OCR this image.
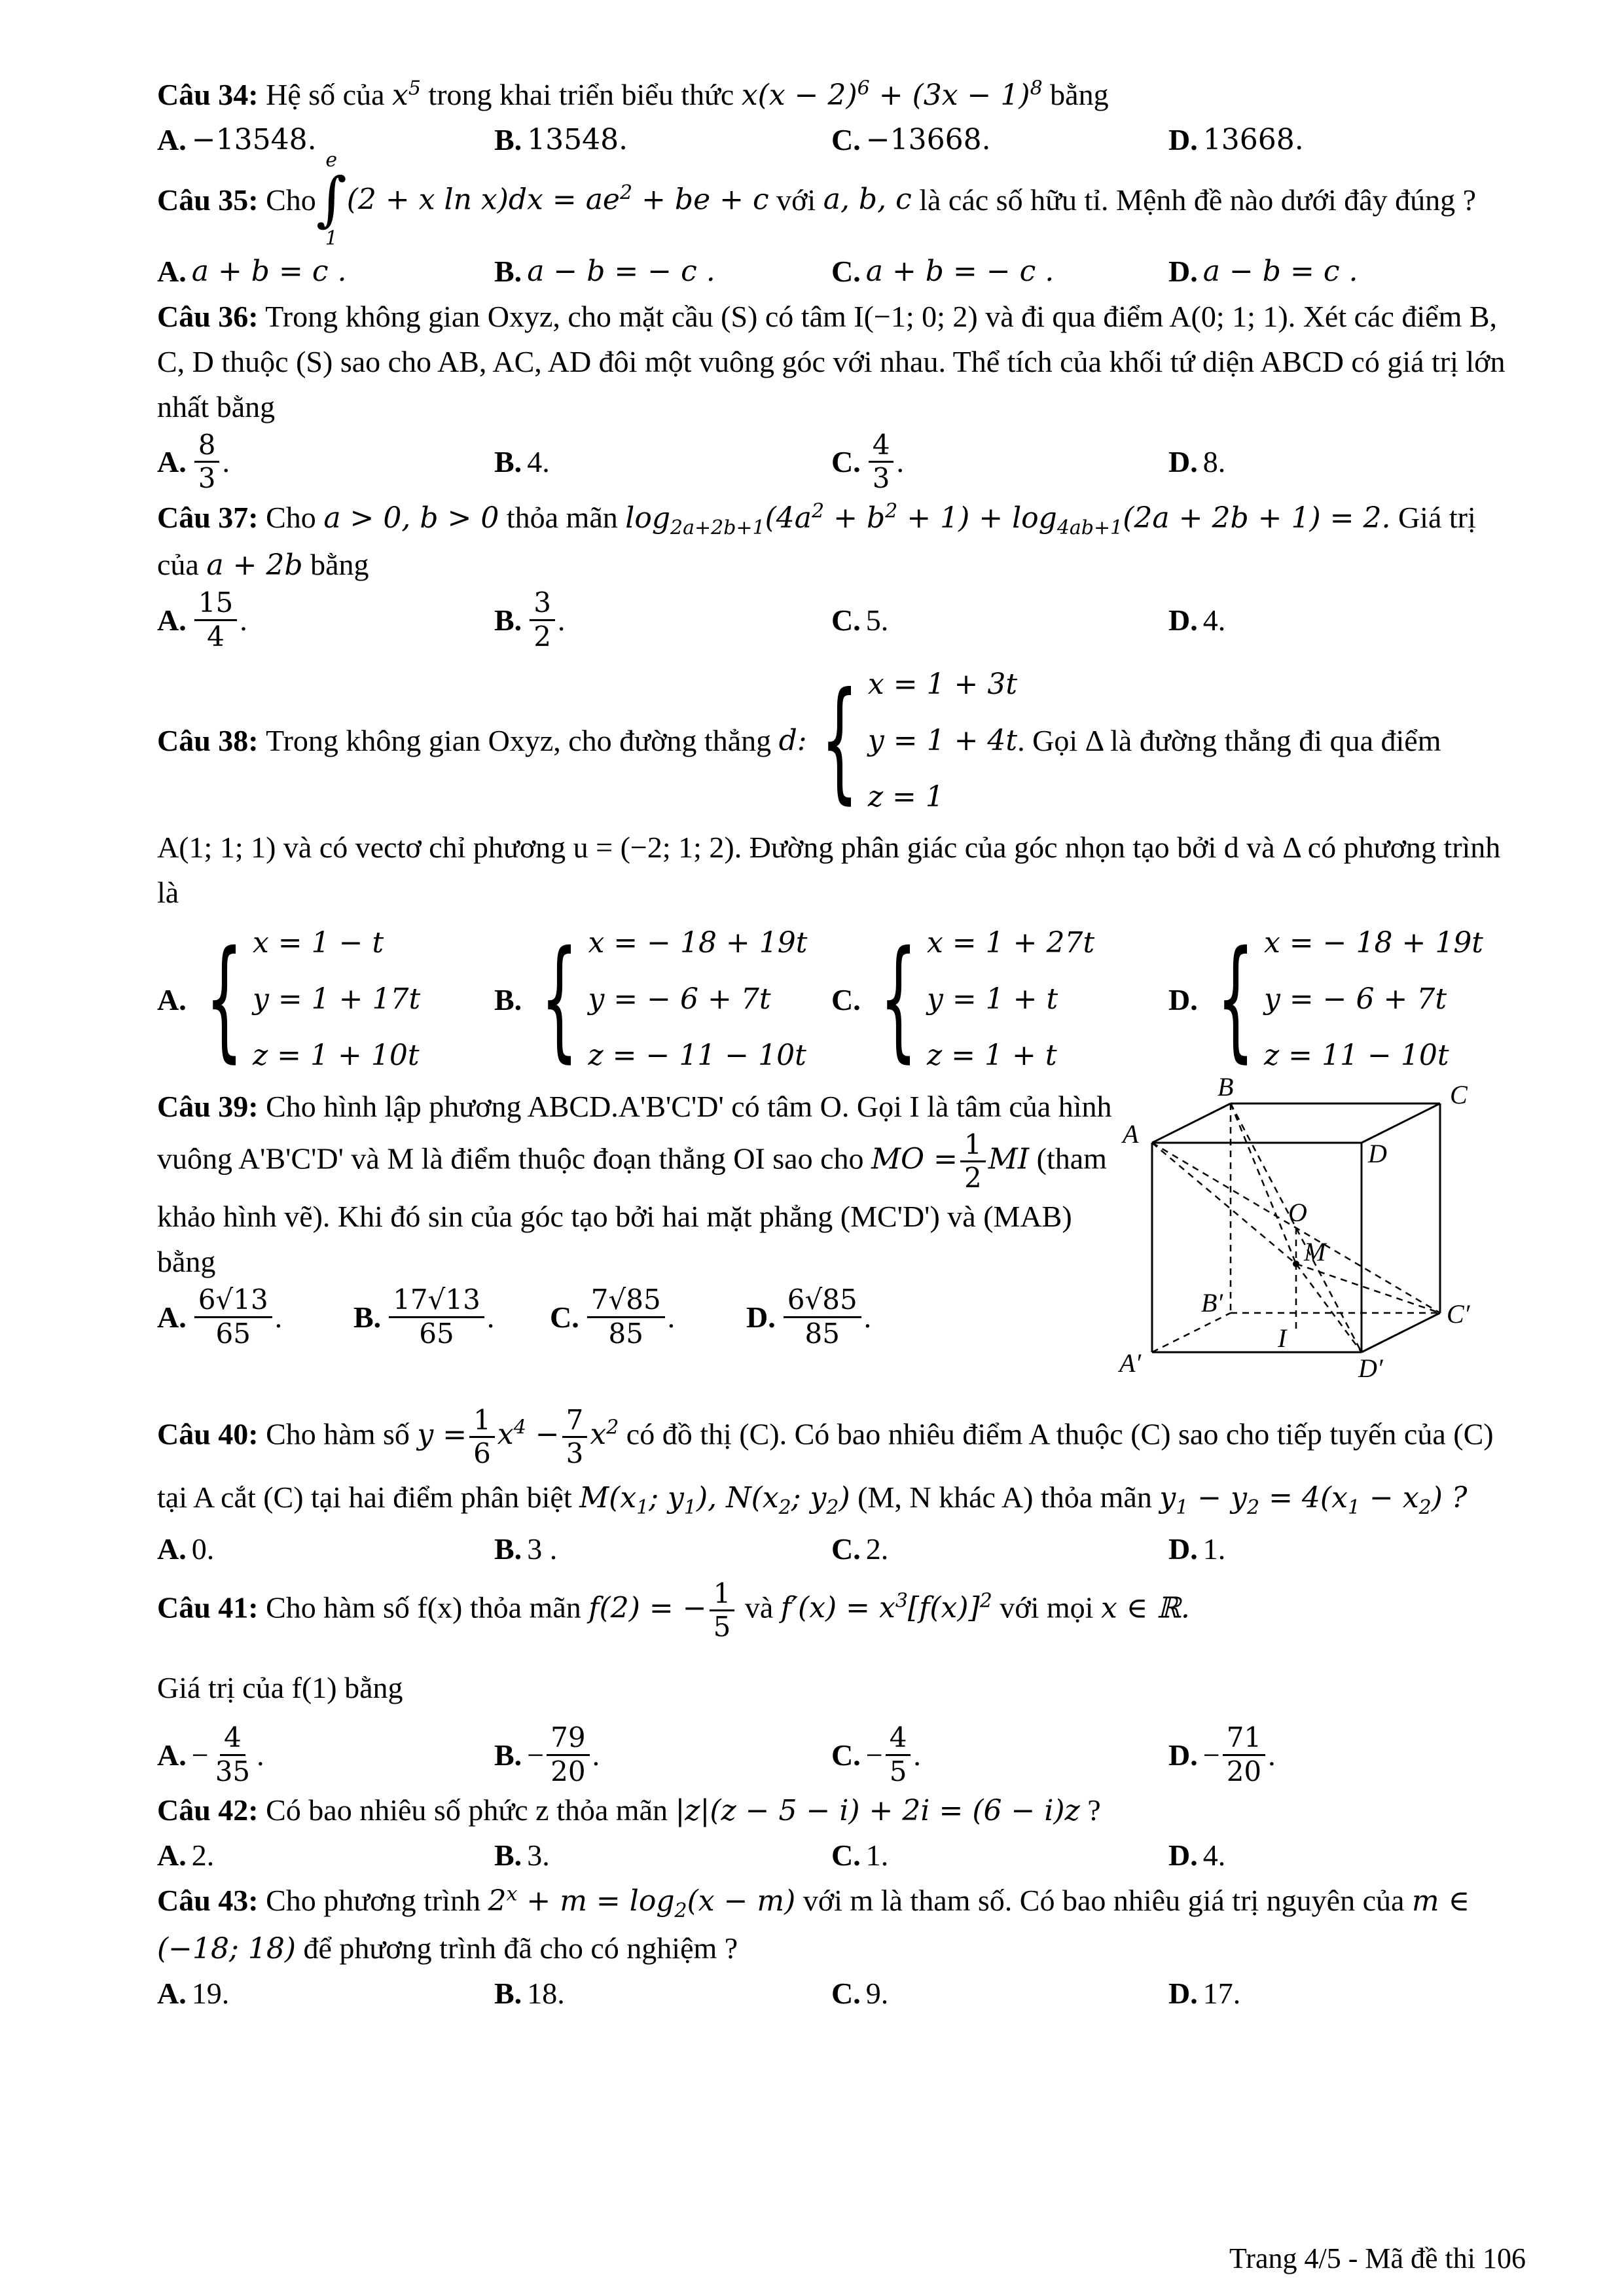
Câu 34: Hệ số của $x^5$ trong khai triển biểu thức $x(x - 2)^6 + (3x - 1)^8$ bằng
A. −13548.	B. 13548.	C. −13668.	D. 13668.
Câu 35:
Cho
e
∫
1
(2 + x $\ln x)dx = ae^2$ + be + c
với
a, b, c
là các số hữu tỉ. Mệnh đề nào dưới đây đúng ?
A. a + b = c .	B. a − b = − c .	C. a + b = − c .	D. a − b = c .
Câu 36: Trong không gian Oxyz, cho mặt cầu (S) có tâm I(−1; 0; 2) và đi qua điểm A(0; 1; 1). Xét các điểm B, C, D thuộc (S) sao cho AB, AC, AD đôi một vuông góc với nhau. Thể tích của khối tứ diện ABCD có giá trị lớn nhất bằng
A. $\frac{8}{3}$ .	B. 4.	C. $\frac{4}{3}$ .	D. 8.
Câu 37: Cho a > 0, b > 0 thỏa mãn $\log_{2a+2b+1}(4a^2 + b^2 + 1) + \log_{4ab+1}(2a + 2b + 1) = 2$. Giá trị của a + 2b bằng
A. $\frac{15}{4}$ .	B. $\frac{3}{2}$ .	C. 5.	D. 4.
Câu 38:
Trong không gian Oxyz, cho đường thẳng
d: { x = 1 + 3t
y = 1 + 4t
z = 1
. Gọi Δ là đường thẳng đi qua điểm
A(1; 1; 1) và có vectơ chỉ phương u = (−2; 1; 2). Đường phân giác của góc nhọn tạo bởi d và Δ có phương trình là
A. { x = 1 − t
y = 1 + 17t
z = 1 + 10t
B. { x = − 18 + 19t
y = − 6 + 7t
z = − 11 − 10t
C. { x = 1 + 27t
y = 1 + t
z = 1 + t
D. { x = − 18 + 19t
y = − 6 + 7t
z = 11 − 10t
Câu 39: Cho hình lập phương ABCD.A'B'C'D' có tâm O. Gọi I là tâm của hình vuông A'B'C'D' và M là điểm thuộc đoạn thẳng OI sao cho MO = $\frac{1}{2}$ MI (tham khảo hình vẽ). Khi đó sin của góc tạo bởi hai mặt phẳng (MC'D') và (MAB) bằng
A. $\frac{6√13}{65}$ .	B. $\frac{17√13}{65}$ .	C. $\frac{7√85}{85}$ .	D. $\frac{6√85}{85}$ .
B	C
A
D
O
M
B′	C′
I
A′	D′
Câu 40: Cho hàm số $y = \frac{1}{6} x^4 - \frac{7}{3} x^2$ có đồ thị (C). Có bao nhiêu điểm A thuộc (C) sao cho tiếp tuyến của (C) tại A cắt (C) tại hai điểm phân biệt $M(x_1$; $y_1$), $N(x_2$; $y_2$) (M, N khác A) thỏa mãn $y_1 - y_2 = 4(x_1 - x_2)$ ?
A. 0.	B. 3 .	C. 2.	D. 1.
Câu 41: Cho hàm số f(x) thỏa mãn f(2) = − $\frac{1}{5}$ và $f'(x) = x^3[f(x)]^2$ với mọi x ∈ ℝ.
Giá trị của f(1) bằng
A. − $\frac{4}{35}$ .	B. − $\frac{79}{20}$ .	C. − $\frac{4}{5}$ .	D. − $\frac{71}{20}$ .
Câu 42: Có bao nhiêu số phức z thỏa mãn |z|(z − 5 − i) + 2i = (6 − i)z ?
A. 2.	B. 3.	C. 1.	D. 4.
Câu 43: Cho phương trình $2^x + m = \log_2(x - m)$ với m là tham số. Có bao nhiêu giá trị nguyên của m ∈ (−18; 18) để phương trình đã cho có nghiệm ?
A. 19.	B. 18.	C. 9.	D. 17.
Trang 4/5 - Mã đề thi 106
